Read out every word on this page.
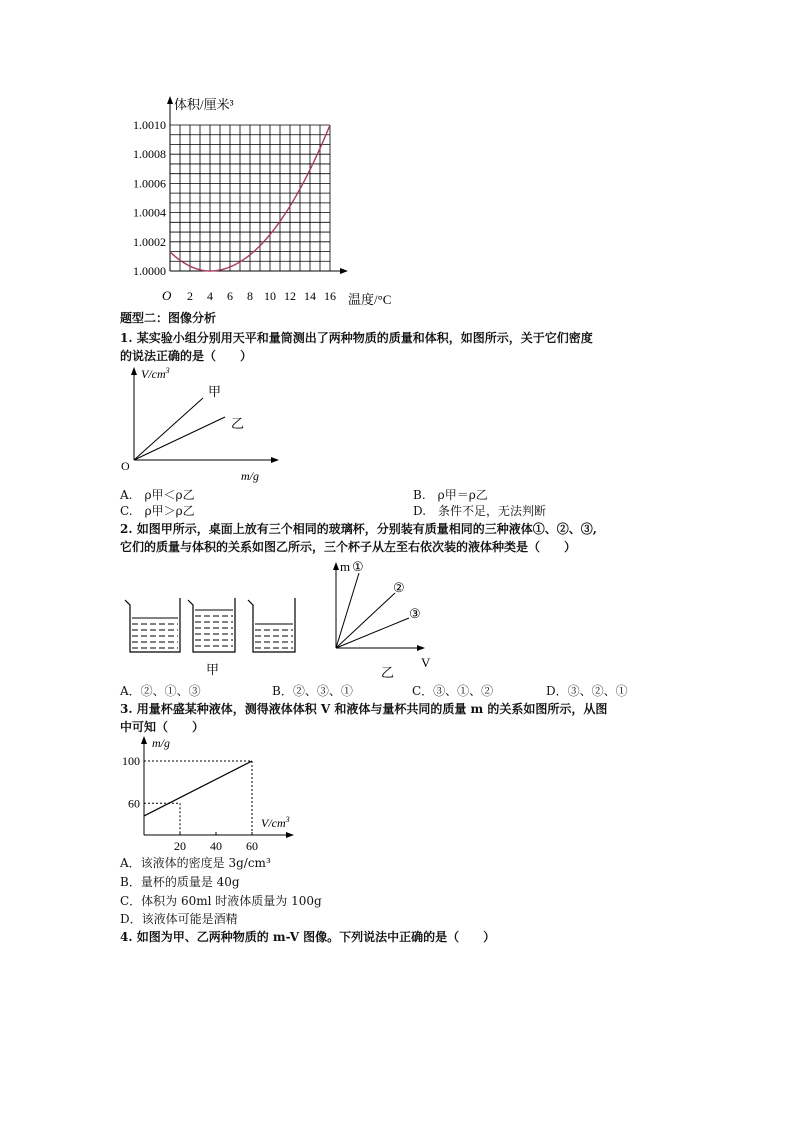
体积/厘米³
温度/°C
O
1.0000
1.0002
1.0004
1.0006
1.0008
1.0010
2 4 6 8 10 12 14 16
题型二：图像分析
1. 某实验小组分别用天平和量筒测出了两种物质的质量和体积，如图所示，关于它们密度
的说法正确的是（　　）
$V/cm^3$
m/g
O
甲
乙
A.　ρ甲＜ρ乙	B.　ρ甲＝ρ乙
C.　ρ甲＞ρ乙	D.　条件不足，无法判断
2. 如图甲所示，桌面上放有三个相同的玻璃杯，分别装有质量相同的三种液体①、②、③,
它们的质量与体积的关系如图乙所示，三个杯子从左至右依次装的液体种类是（　　）
甲
m
V
乙
①
②
③
A．②、①、③	B．②、③、①	C．③、①、②	D．③、②、①
3. 用量杯盛某种液体，测得液体体积 V 和液体与量杯共同的质量 m 的关系如图所示，从图
中可知（　　）
m/g
$V/cm^3$
20 40 60
60
100
A．该液体的密度是 3g/cm³
B．量杯的质量是 40g
C．体积为 60ml 时液体质量为 100g
D．该液体可能是酒精
4. 如图为甲、乙两种物质的 m-V 图像。下列说法中正确的是（　　）
